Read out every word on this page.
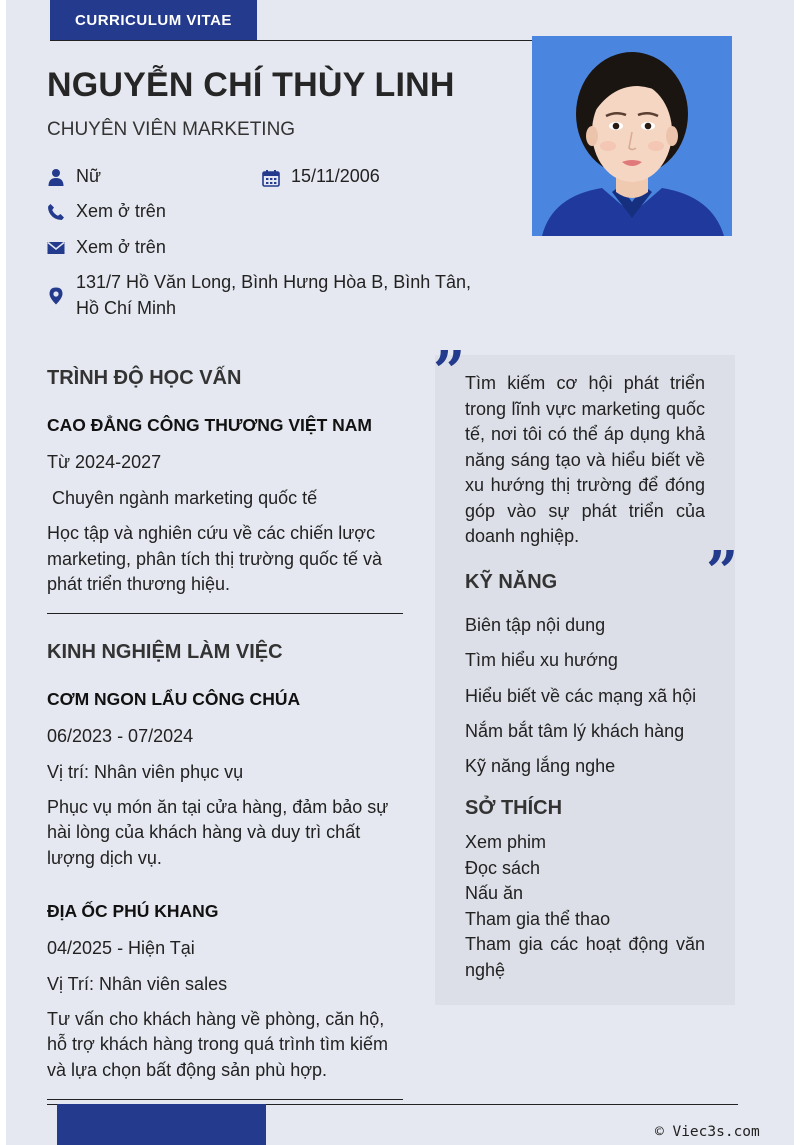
CURRICULUM VITAE
NGUYỄN CHÍ THÙY LINH
CHUYÊN VIÊN MARKETING
Nữ	15/11/2006
Xem ở trên
Xem ở trên
131/7 Hồ Văn Long, Bình Hưng Hòa B, Bình Tân,
Hồ Chí Minh
TRÌNH ĐỘ HỌC VẤN
CAO ĐẲNG CÔNG THƯƠNG VIỆT NAM
Từ 2024-2027
Chuyên ngành marketing quốc tế
Học tập và nghiên cứu về các chiến lược
marketing, phân tích thị trường quốc tế và
phát triển thương hiệu.
KINH NGHIỆM LÀM VIỆC
CƠM NGON LẨU CÔNG CHÚA
06/2023 - 07/2024
Vị trí: Nhân viên phục vụ
Phục vụ món ăn tại cửa hàng, đảm bảo sự
hài lòng của khách hàng và duy trì chất
lượng dịch vụ.
ĐỊA ỐC PHÚ KHANG
04/2025 - Hiện Tại
Vị Trí: Nhân viên sales
Tư vấn cho khách hàng về phòng, căn hộ,
hỗ trợ khách hàng trong quá trình tìm kiếm
và lựa chọn bất động sản phù hợp.
” Tìm kiếm cơ hội phát triển trong lĩnh vực marketing quốc tế, nơi tôi có thể áp dụng khả năng sáng tạo và hiểu biết về xu hướng thị trường để đóng góp vào sự phát triển của doanh nghiệp.
”
KỸ NĂNG
Biên tập nội dung
Tìm hiểu xu hướng
Hiểu biết về các mạng xã hội
Nắm bắt tâm lý khách hàng
Kỹ năng lắng nghe
SỞ THÍCH
Xem phim
Đọc sách
Nấu ăn
Tham gia thể thao
Tham gia các hoạt động văn nghệ
© Viec3s.com
